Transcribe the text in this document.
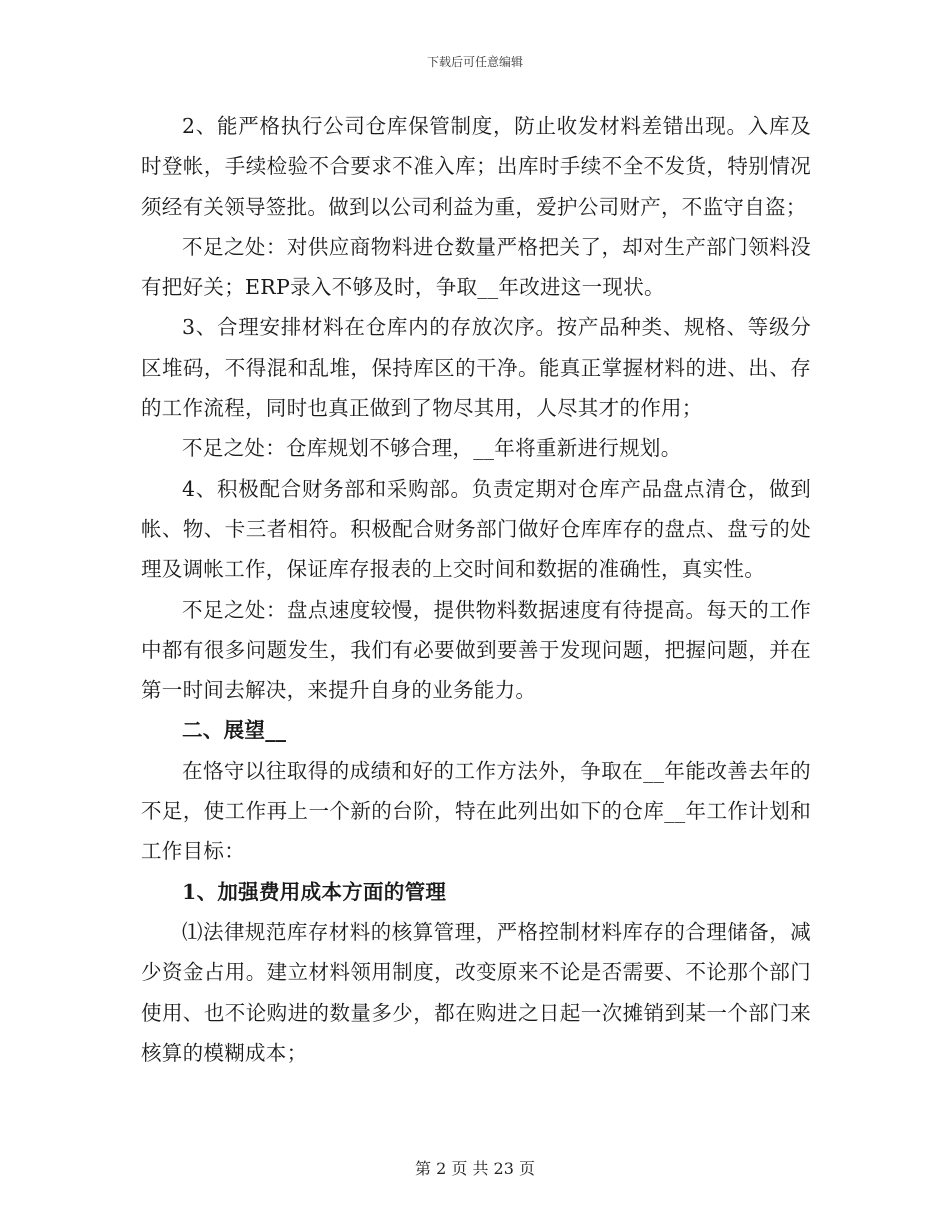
下载后可任意编辑

2、能严格执行公司仓库保管制度，防止收发材料差错出现。入库及时登帐，手续检验不合要求不准入库；出库时手续不全不发货，特别情况须经有关领导签批。做到以公司利益为重，爱护公司财产，不监守自盗；

不足之处：对供应商物料进仓数量严格把关了，却对生产部门领料没有把好关；ERP录入不够及时，争取__年改进这一现状。

3、合理安排材料在仓库内的存放次序。按产品种类、规格、等级分区堆码，不得混和乱堆，保持库区的干净。能真正掌握材料的进、出、存的工作流程，同时也真正做到了物尽其用，人尽其才的作用；

不足之处：仓库规划不够合理，__年将重新进行规划。

4、积极配合财务部和采购部。负责定期对仓库产品盘点清仓，做到帐、物、卡三者相符。积极配合财务部门做好仓库库存的盘点、盘亏的处理及调帐工作，保证库存报表的上交时间和数据的准确性，真实性。

不足之处：盘点速度较慢，提供物料数据速度有待提高。每天的工作中都有很多问题发生，我们有必要做到要善于发现问题，把握问题，并在第一时间去解决，来提升自身的业务能力。

二、展望__

在恪守以往取得的成绩和好的工作方法外，争取在__年能改善去年的不足，使工作再上一个新的台阶，特在此列出如下的仓库__年工作计划和工作目标：

1、加强费用成本方面的管理

⑴法律规范库存材料的核算管理，严格控制材料库存的合理储备，减少资金占用。建立材料领用制度，改变原来不论是否需要、不论那个部门使用、也不论购进的数量多少，都在购进之日起一次摊销到某一个部门来核算的模糊成本；

第 2 页 共 23 页
